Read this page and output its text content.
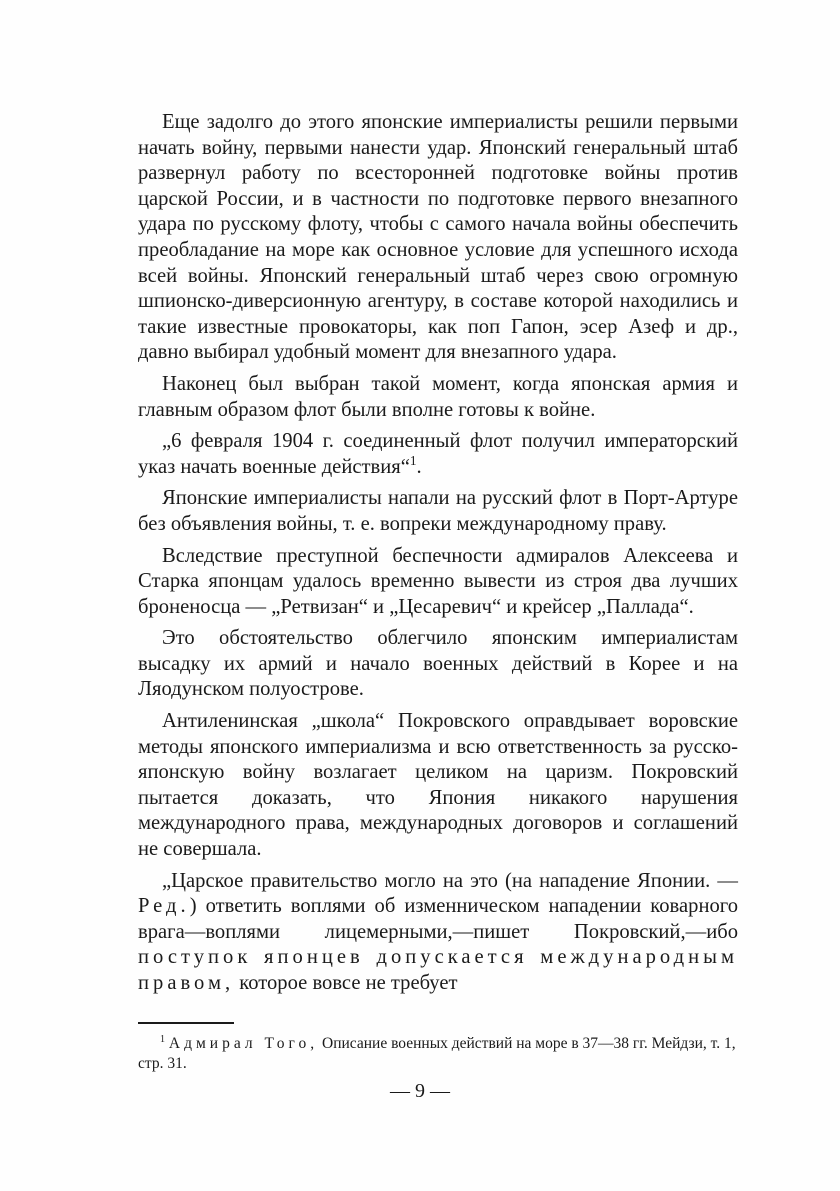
Еще задолго до этого японские империалисты решили первыми начать войну, первыми нанести удар. Японский генеральный штаб развернул работу по всесторонней подготовке войны против царской России, и в частности по подготовке первого внезапного удара по русскому флоту, чтобы с самого начала войны обеспечить преобладание на море как основное условие для успешного исхода всей войны. Японский генеральный штаб через свою огромную шпионско-диверсионную агентуру, в составе которой находились и такие известные провокаторы, как поп Гапон, эсер Азеф и др., давно выбирал удобный момент для внезапного удара.

Наконец был выбран такой момент, когда японская армия и главным образом флот были вполне готовы к войне.

„6 февраля 1904 г. соединенный флот получил императорский указ начать военные действия“$^1$.

Японские империалисты напали на русский флот в Порт-Артуре без объявления войны, т. е. вопреки международному праву.

Вследствие преступной беспечности адмиралов Алексеева и Старка японцам удалось временно вывести из строя два лучших броненосца — „Ретвизан“ и „Цесаревич“ и крейсер „Паллада“.

Это обстоятельство облегчило японским империалистам высадку их армий и начало военных действий в Корее и на Ляодунском полуострове.

Антиленинская „школа“ Покровского оправдывает воровские методы японского империализма и всю ответственность за русско-японскую войну возлагает целиком на царизм. Покровский пытается доказать, что Япония никакого нарушения международного права, международных договоров и соглашений не совершала.

„Царское правительство могло на это (на нападение Японии. — Ред.) ответить воплями об изменническом нападении коварного врага—воплями лицемерными,—пишет Покровский,—ибо поступок японцев допускается международным правом, которое вовсе не требует

$^1$ Адмирал Того, Описание военных действий на море в 37—38 гг. Мейдзи, т. 1, стр. 31.
— 9 —
